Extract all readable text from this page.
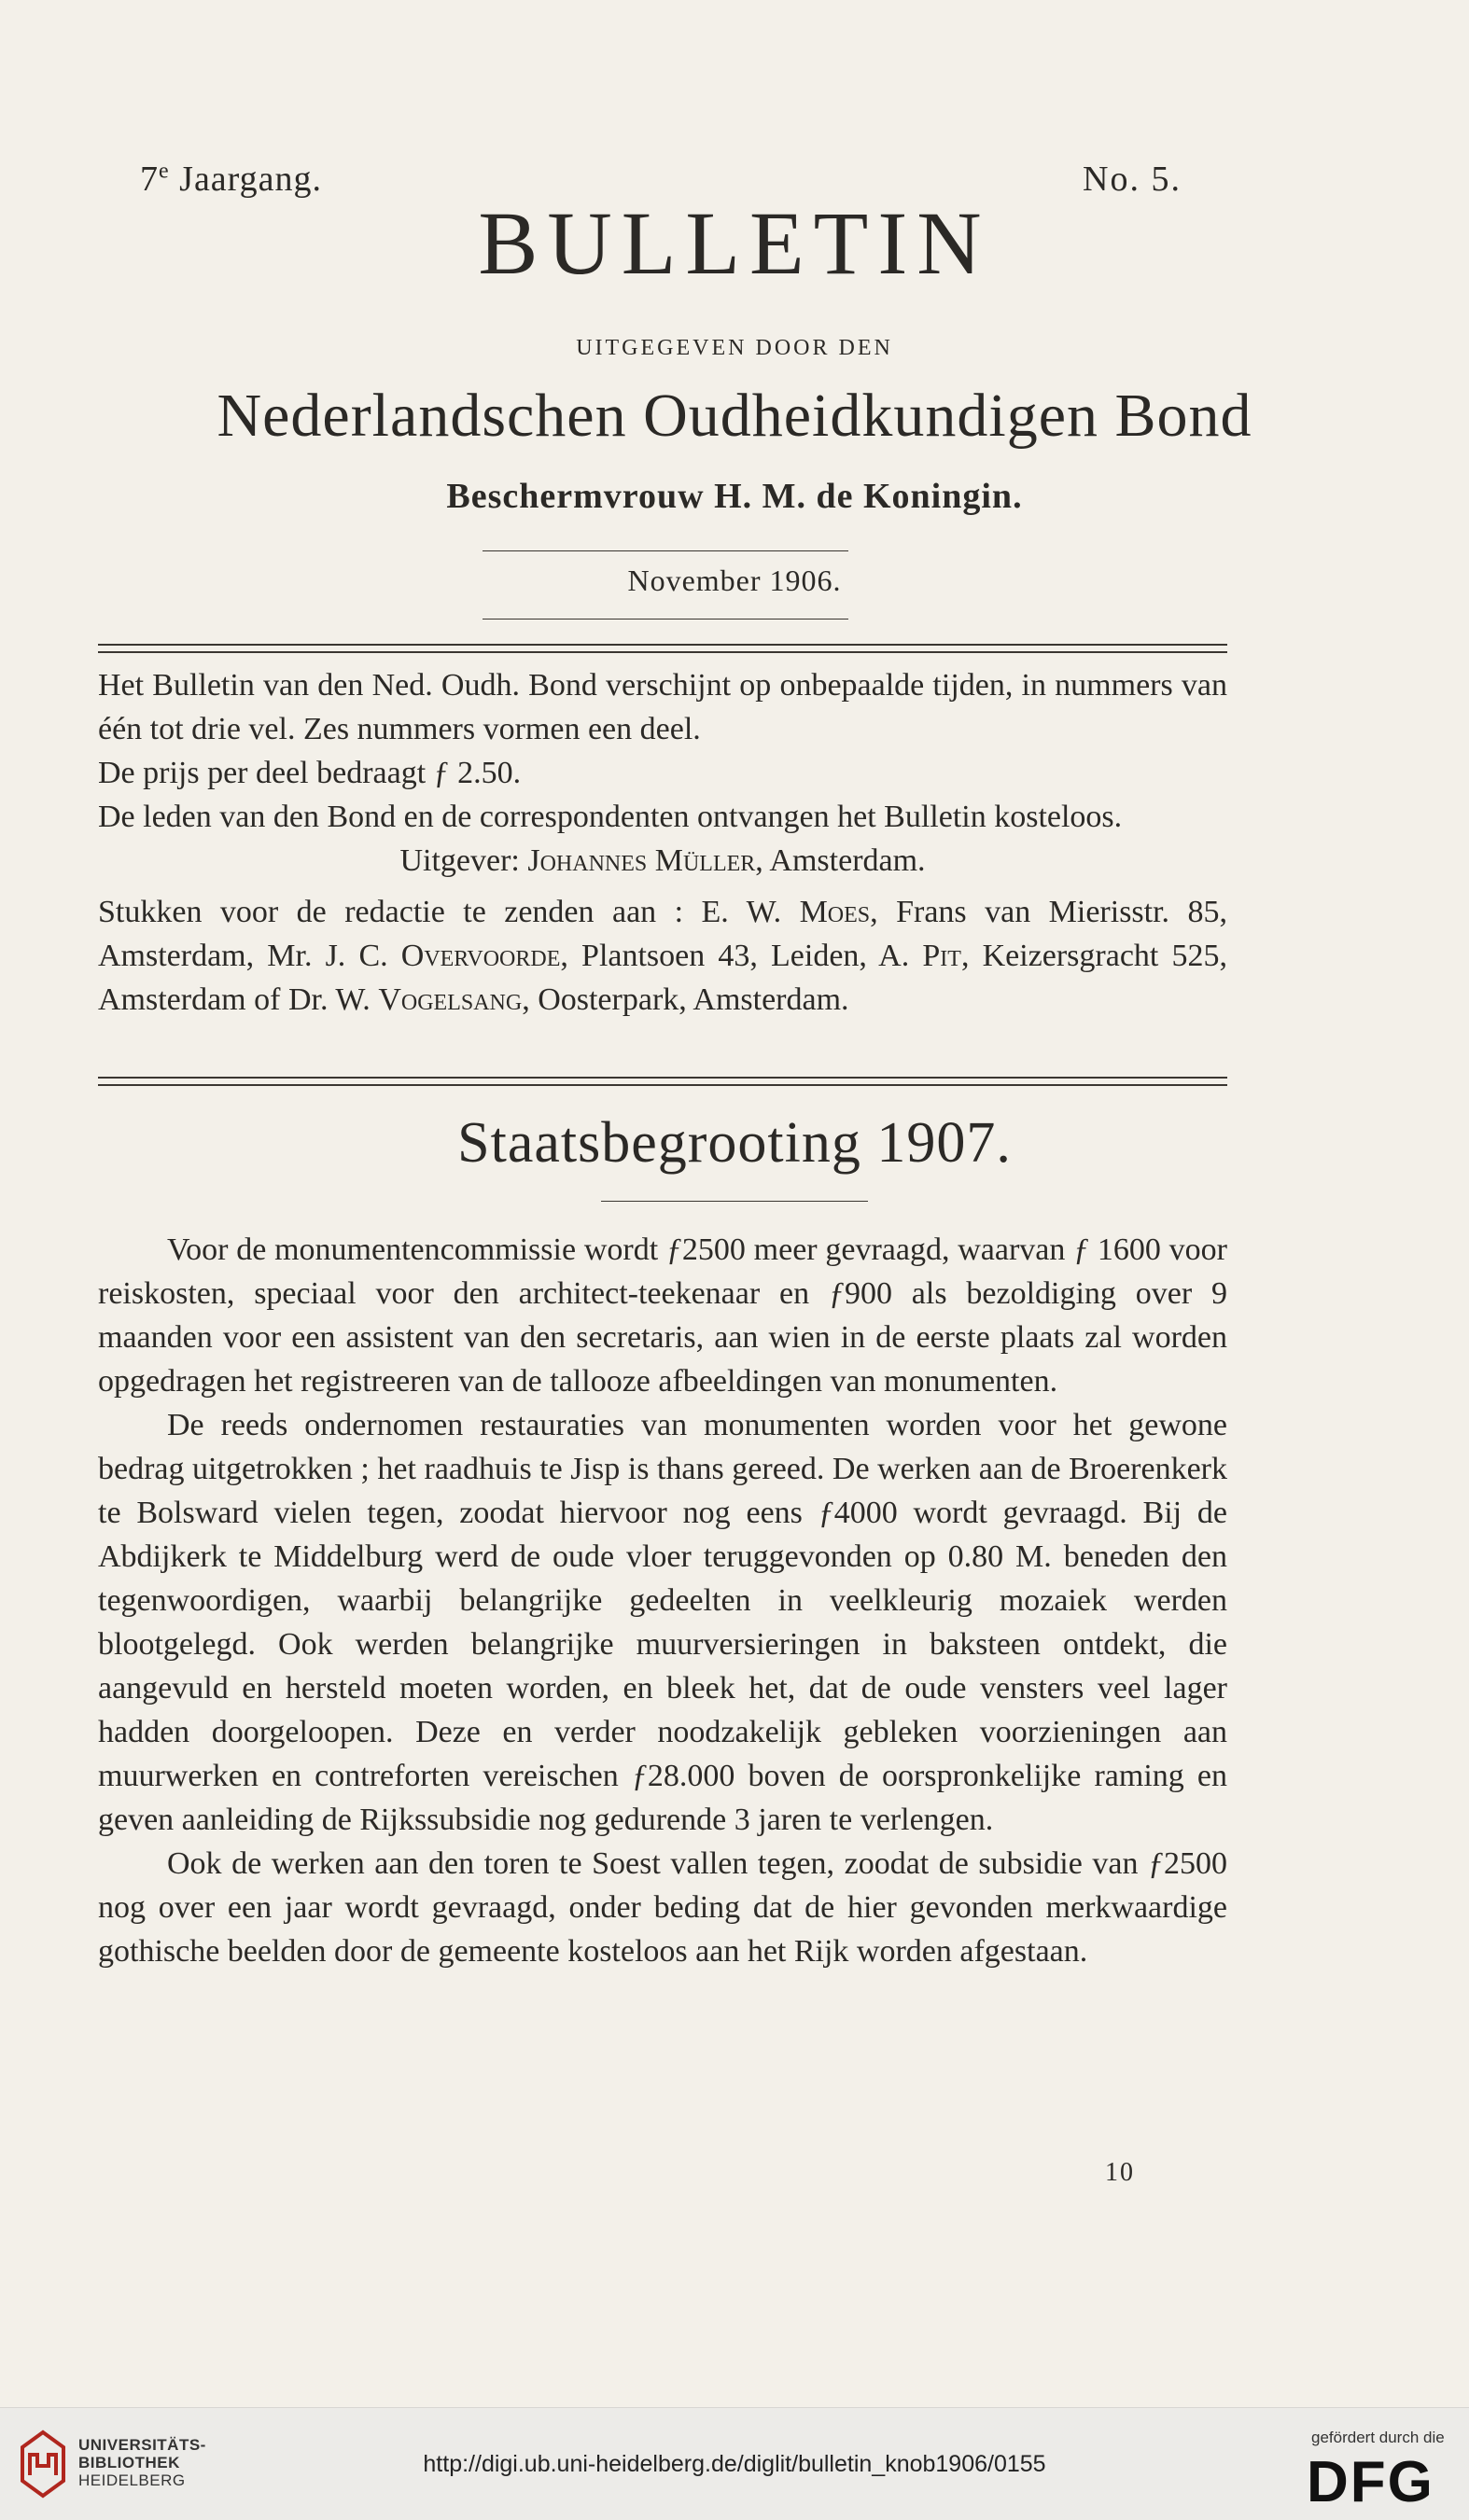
7e Jaargang.	No. 5.
BULLETIN
UITGEGEVEN DOOR DEN
Nederlandschen Oudheidkundigen Bond
Beschermvrouw H. M. de Koningin.
November 1906.

Het Bulletin van den Ned. Oudh. Bond verschijnt op onbepaalde tijden, in nummers van één tot drie vel. Zes nummers vormen een deel.

De prijs per deel bedraagt ƒ 2.50.

De leden van den Bond en de correspondenten ontvangen het Bulletin kosteloos.

Uitgever: Johannes Müller, Amsterdam.

Stukken voor de redactie te zenden aan : E. W. Moes, Frans van Mierisstr. 85, Amsterdam, Mr. J. C. Overvoorde, Plantsoen 43, Leiden, A. Pit, Keizersgracht 525, Amsterdam of Dr. W. Vogelsang, Oosterpark, Amsterdam.

Staatsbegrooting 1907.

Voor de monumentencommissie wordt ƒ2500 meer gevraagd, waarvan ƒ 1600 voor reiskosten, speciaal voor den architect-teekenaar en ƒ900 als bezoldiging over 9 maanden voor een assistent van den secretaris, aan wien in de eerste plaats zal worden opgedragen het registreeren van de tallooze afbeeldingen van monumenten.

De reeds ondernomen restauraties van monumenten worden voor het gewone bedrag uitgetrokken ; het raadhuis te Jisp is thans gereed. De werken aan de Broerenkerk te Bolsward vielen tegen, zoodat hiervoor nog eens ƒ4000 wordt gevraagd. Bij de Abdijkerk te Middelburg werd de oude vloer teruggevonden op 0.80 M. beneden den tegenwoordigen, waarbij belangrijke gedeelten in veelkleurig mozaiek werden blootgelegd. Ook werden belangrijke muurversieringen in baksteen ontdekt, die aangevuld en hersteld moeten worden, en bleek het, dat de oude vensters veel lager hadden doorgeloopen. Deze en verder noodzakelijk gebleken voorzieningen aan muurwerken en contreforten vereischen ƒ28.000 boven de oorspronkelijke raming en geven aanleiding de Rijkssubsidie nog gedurende 3 jaren te verlengen.

Ook de werken aan den toren te Soest vallen tegen, zoodat de subsidie van ƒ2500 nog over een jaar wordt gevraagd, onder beding dat de hier gevonden merkwaardige gothische beelden door de gemeente kosteloos aan het Rijk worden afgestaan.

10
UNIVERSITÄTS-
BIBLIOTHEK
HEIDELBERG
http://digi.ub.uni-heidelberg.de/diglit/bulletin_knob1906/0155
gefördert durch die
DFG
